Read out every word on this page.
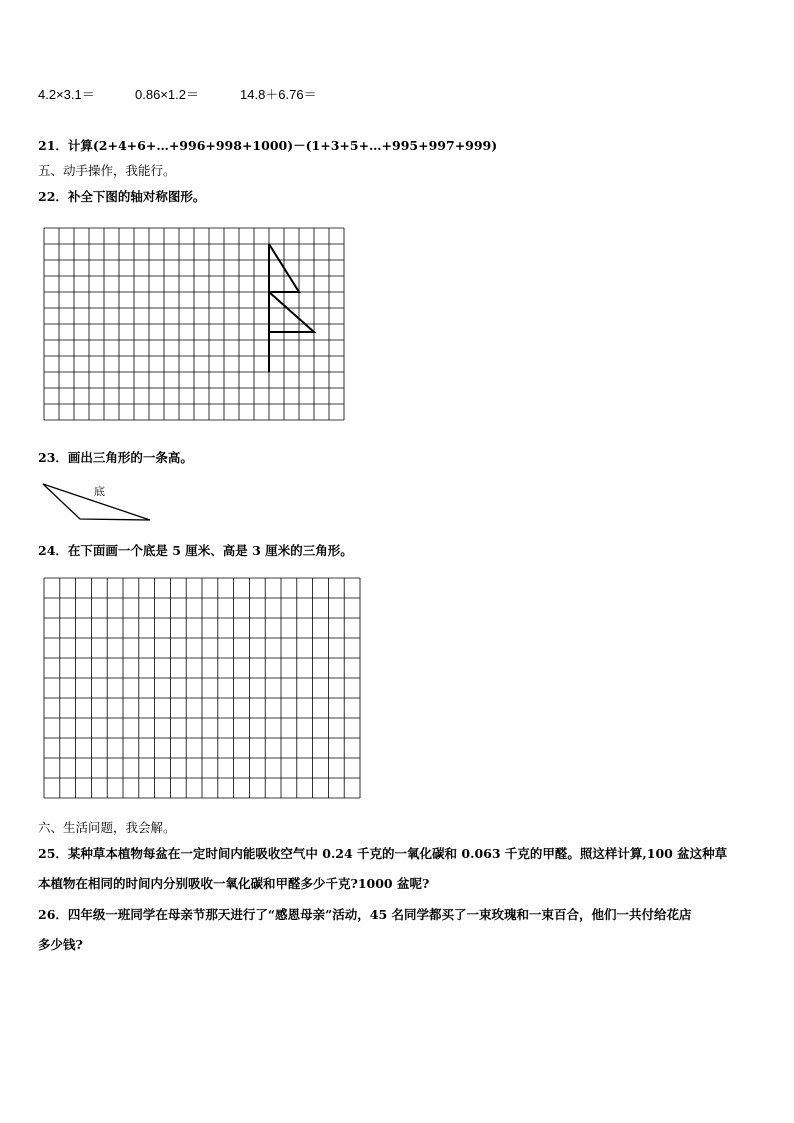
4.2×3.1＝	0.86×1.2＝	14.8＋6.76＝
21．计算(2+4+6+…+996+998+1000)－(1+3+5+…+995+997+999)
五、动手操作，我能行。
22．补全下图的轴对称图形。
23．画出三角形的一条高。
底
24．在下面画一个底是 5 厘米、高是 3 厘米的三角形。
六、生活问题，我会解。
25．某种草本植物每盆在一定时间内能吸收空气中 0.24 千克的一氧化碳和 0.063 千克的甲醛。照这样计算,100 盆这种草
本植物在相同的时间内分别吸收一氧化碳和甲醛多少千克?1000 盆呢?
26．四年级一班同学在母亲节那天进行了“感恩母亲”活动，45 名同学都买了一束玫瑰和一束百合，他们一共付给花店
多少钱?
